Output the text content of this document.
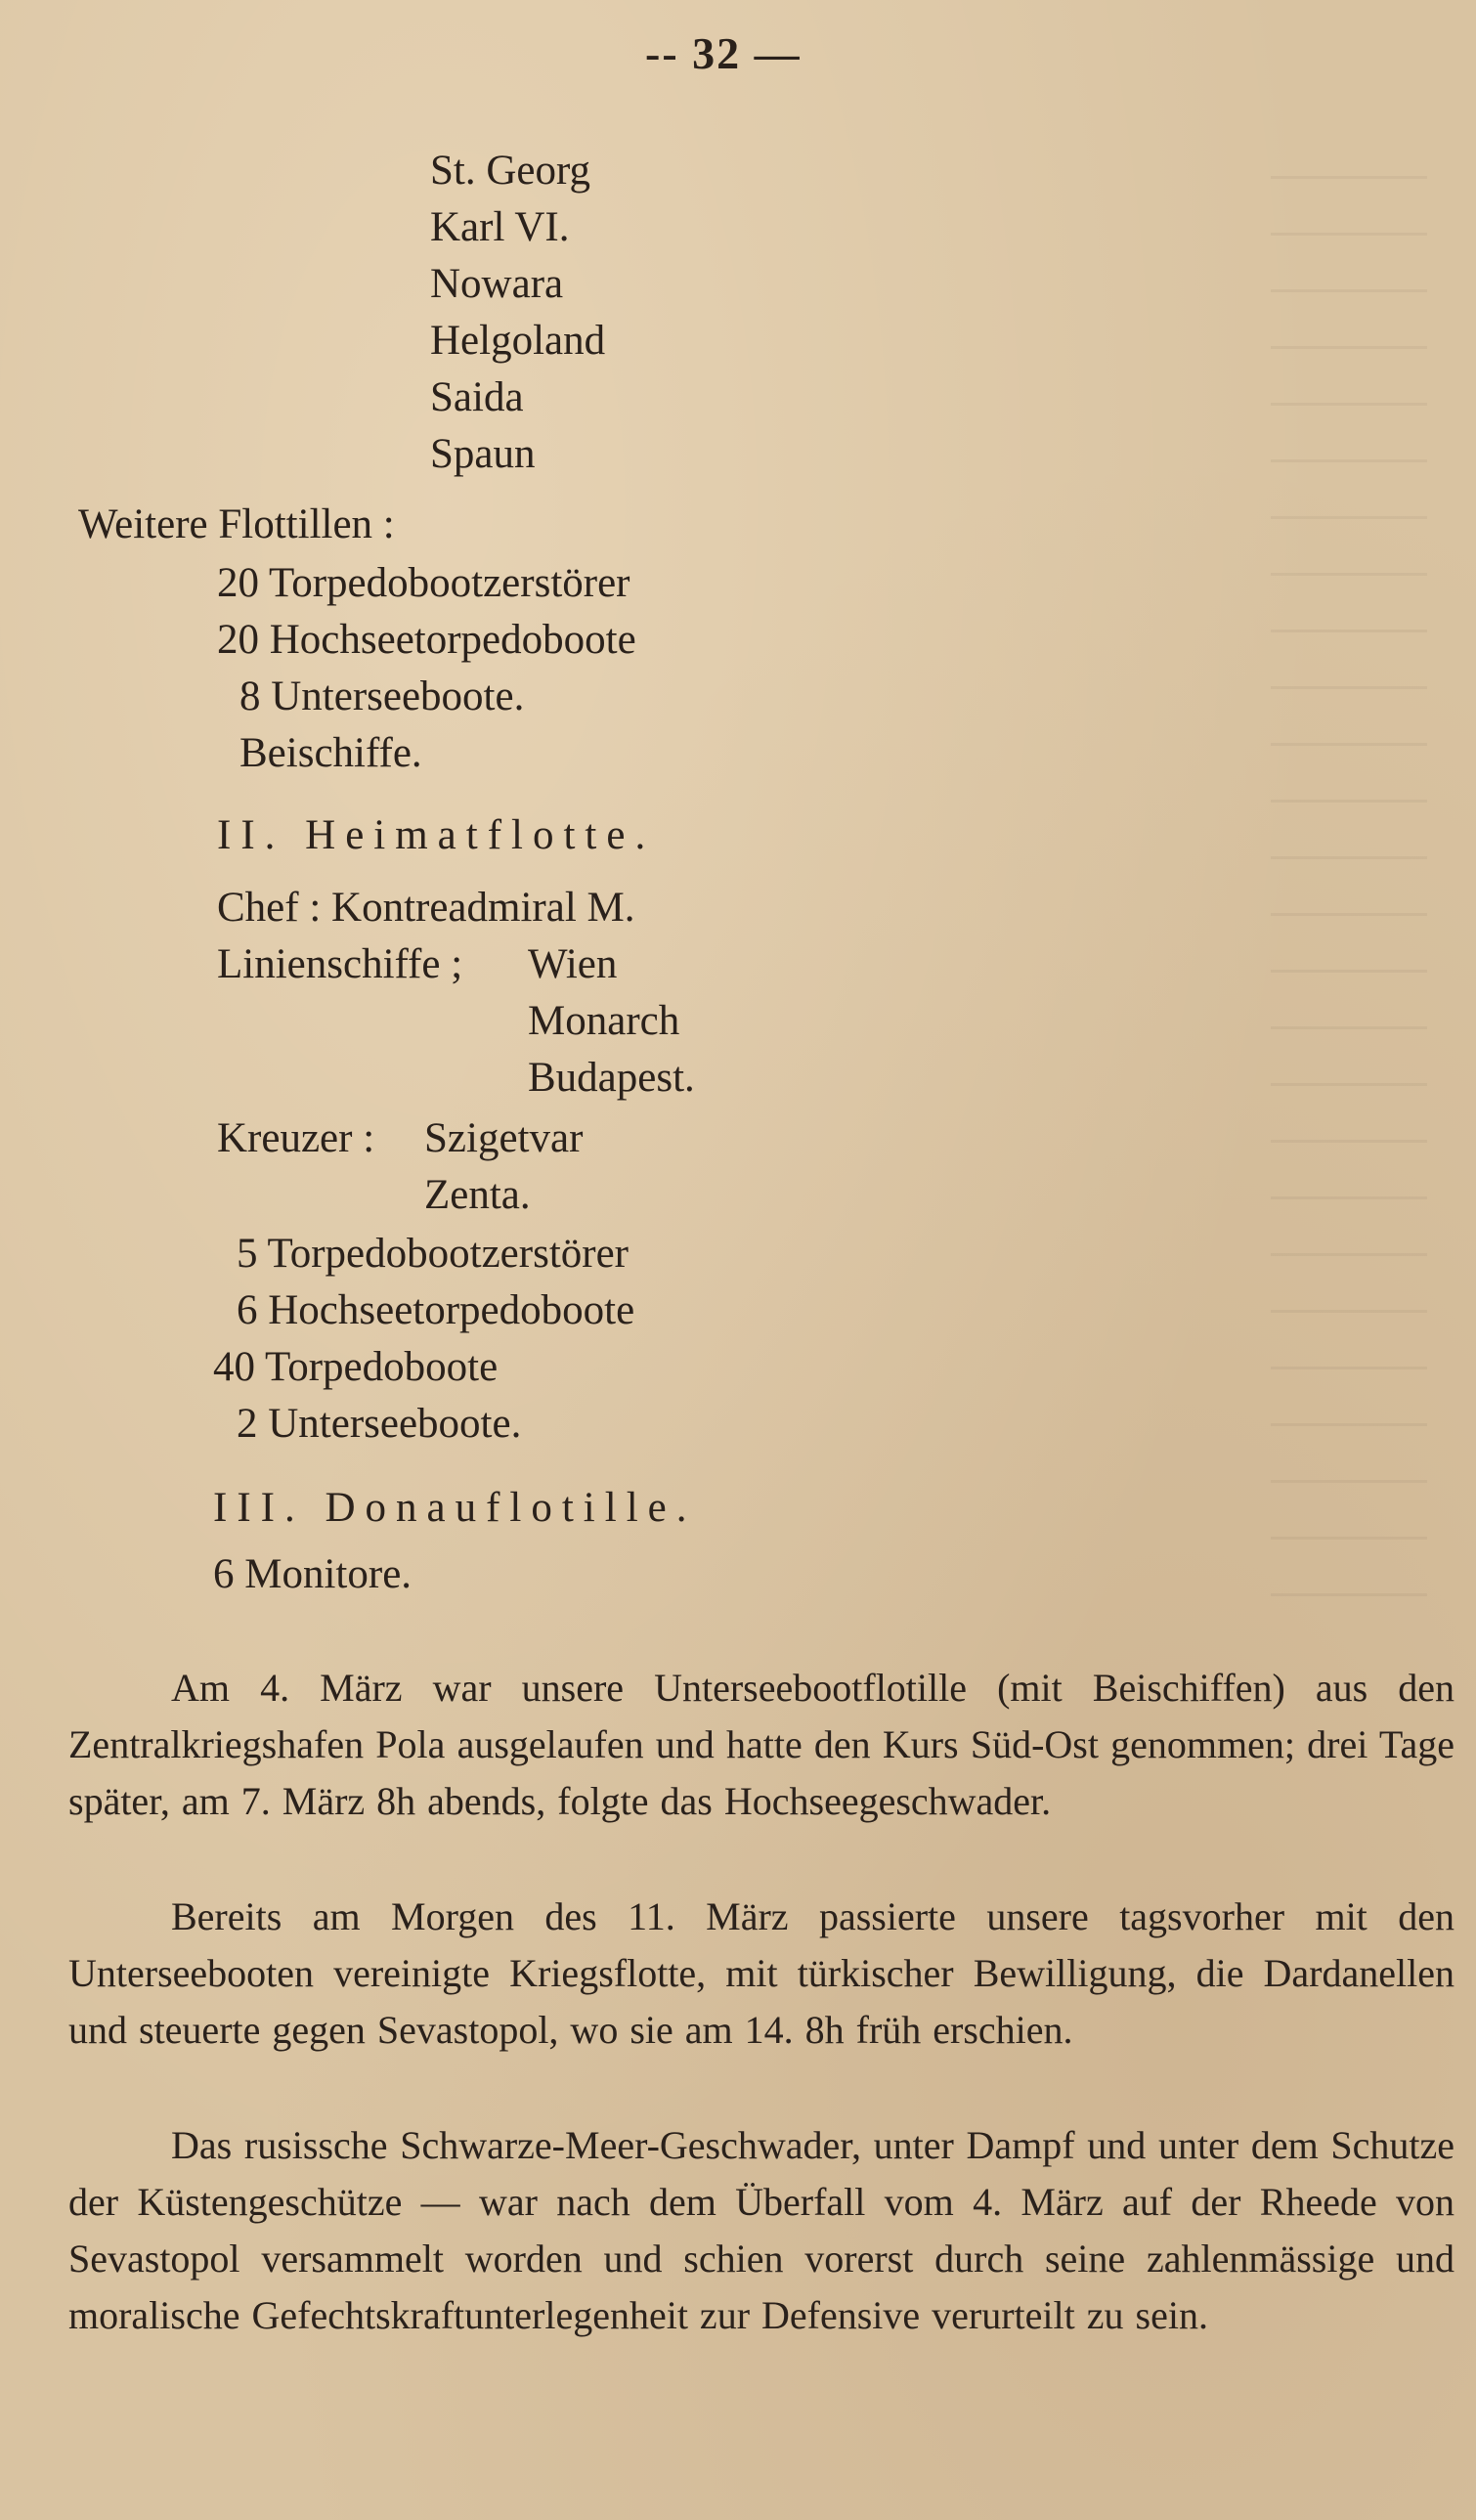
-- 32 —
St. Georg
Karl VI.
Nowara
Helgoland
Saida
Spaun
Weitere Flottillen :
20 Torpedobootzerstörer
20 Hochseetorpedoboote
8 Unterseeboote.
Beischiffe.
II. Heimatflotte.
Chef : Kontreadmiral M.
Linienschiffe ; Wien
Monarch
Budapest.
Kreuzer : Szigetvar
Zenta.
5 Torpedobootzerstörer
6 Hochseetorpedoboote
40 Torpedoboote
2 Unterseeboote.
III. Donauflotille.
6 Monitore.
Am 4. März war unsere Unterseebootflotille (mit Beischiffen) aus den Zentralkriegshafen Pola ausgelaufen und hatte den Kurs Süd-Ost genommen; drei Tage später, am 7. März 8h abends, folgte das Hochseegeschwader.
Bereits am Morgen des 11. März passierte unsere tagsvorher mit den Unterseebooten vereinigte Kriegsflotte, mit türkischer Bewilligung, die Dardanellen und steuerte gegen Sevastopol, wo sie am 14. 8h früh erschien.
Das rusissche Schwarze-Meer-Geschwader, unter Dampf und unter dem Schutze der Küstengeschütze — war nach dem Überfall vom 4. März auf der Rheede von Sevastopol versammelt worden und schien vorerst durch seine zahlenmässige und moralische Gefechtskraftunterlegenheit zur Defensive verurteilt zu sein.
